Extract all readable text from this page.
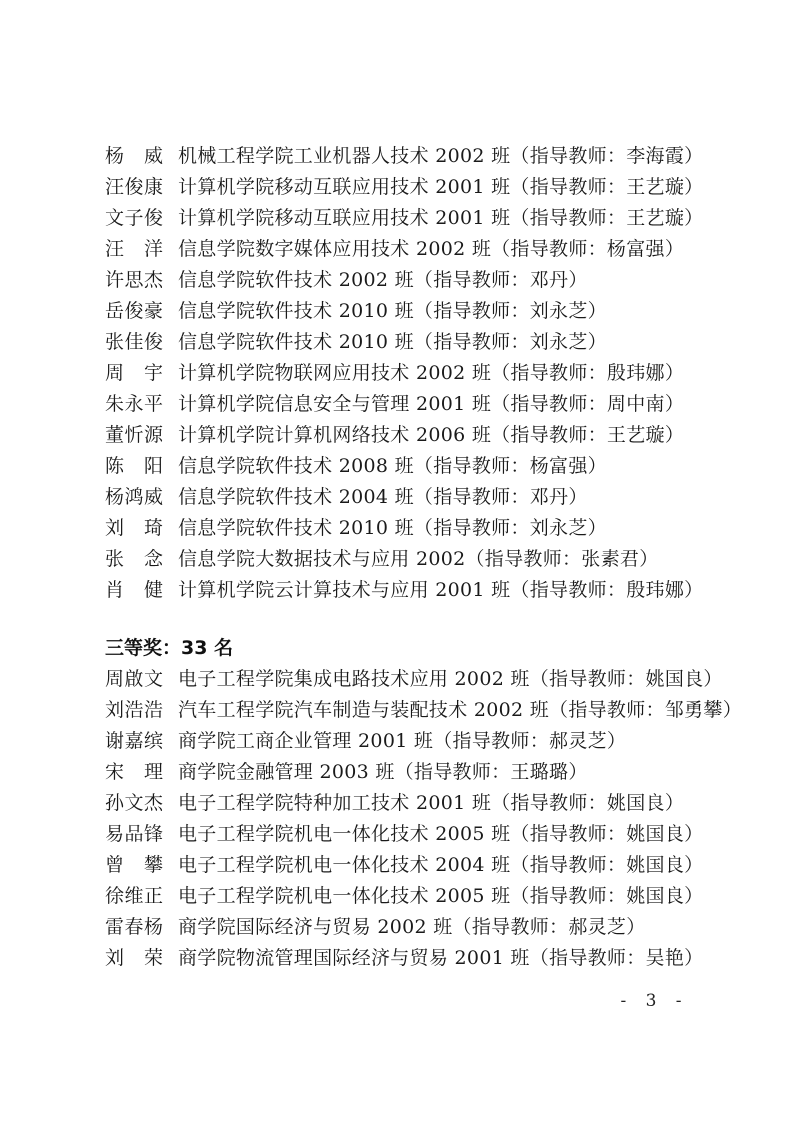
杨　威 机械工程学院工业机器人技术 2002 班（指导教师：李海霞）
汪俊康 计算机学院移动互联应用技术 2001 班（指导教师：王艺璇）
文子俊 计算机学院移动互联应用技术 2001 班（指导教师：王艺璇）
汪　洋 信息学院数字媒体应用技术 2002 班（指导教师：杨富强）
许思杰 信息学院软件技术 2002 班（指导教师：邓丹）
岳俊豪 信息学院软件技术 2010 班（指导教师：刘永芝）
张佳俊 信息学院软件技术 2010 班（指导教师：刘永芝）
周　宇 计算机学院物联网应用技术 2002 班（指导教师：殷玮娜）
朱永平 计算机学院信息安全与管理 2001 班（指导教师：周中南）
董忻源 计算机学院计算机网络技术 2006 班（指导教师：王艺璇）
陈　阳 信息学院软件技术 2008 班（指导教师：杨富强）
杨鸿威 信息学院软件技术 2004 班（指导教师：邓丹）
刘　琦 信息学院软件技术 2010 班（指导教师：刘永芝）
张　念 信息学院大数据技术与应用 2002（指导教师：张素君）
肖　健 计算机学院云计算技术与应用 2001 班（指导教师：殷玮娜）
三等奖：33 名
周啟文 电子工程学院集成电路技术应用 2002 班（指导教师：姚国良）
刘浩浩 汽车工程学院汽车制造与装配技术 2002 班（指导教师：邹勇攀）
谢嘉缤 商学院工商企业管理 2001 班（指导教师：郝灵芝）
宋　理 商学院金融管理 2003 班（指导教师：王璐璐）
孙文杰 电子工程学院特种加工技术 2001 班（指导教师：姚国良）
易品锋 电子工程学院机电一体化技术 2005 班（指导教师：姚国良）
曾　攀 电子工程学院机电一体化技术 2004 班（指导教师：姚国良）
徐维正 电子工程学院机电一体化技术 2005 班（指导教师：姚国良）
雷春杨 商学院国际经济与贸易 2002 班（指导教师：郝灵芝）
刘　荣 商学院物流管理国际经济与贸易 2001 班（指导教师：吴艳）
- 3 -
